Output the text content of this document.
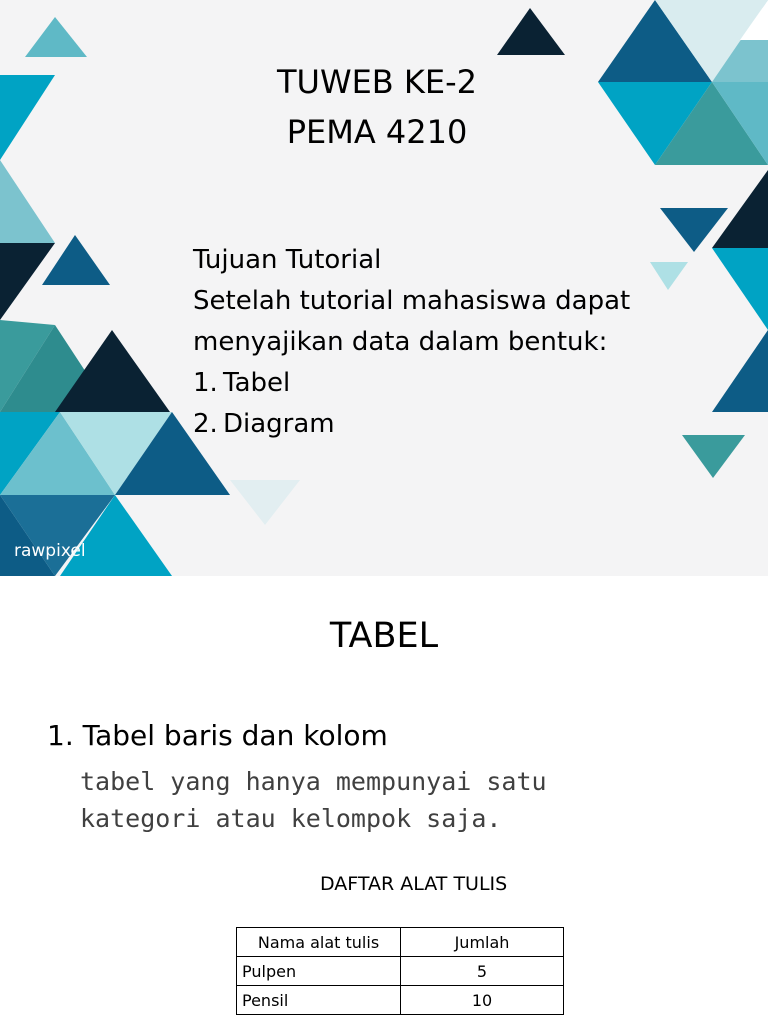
TUWEB KE-2
PEMA 4210
Tujuan Tutorial
Setelah tutorial mahasiswa dapat
menyajikan data dalam bentuk:
1. Tabel
2. Diagram
rawpixel
TABEL
1. Tabel baris dan kolom
tabel yang hanya mempunyai satu
kategori atau kelompok saja.
DAFTAR ALAT TULIS
Nama alat tulis	Jumlah
Pulpen	5
Pensil	10
